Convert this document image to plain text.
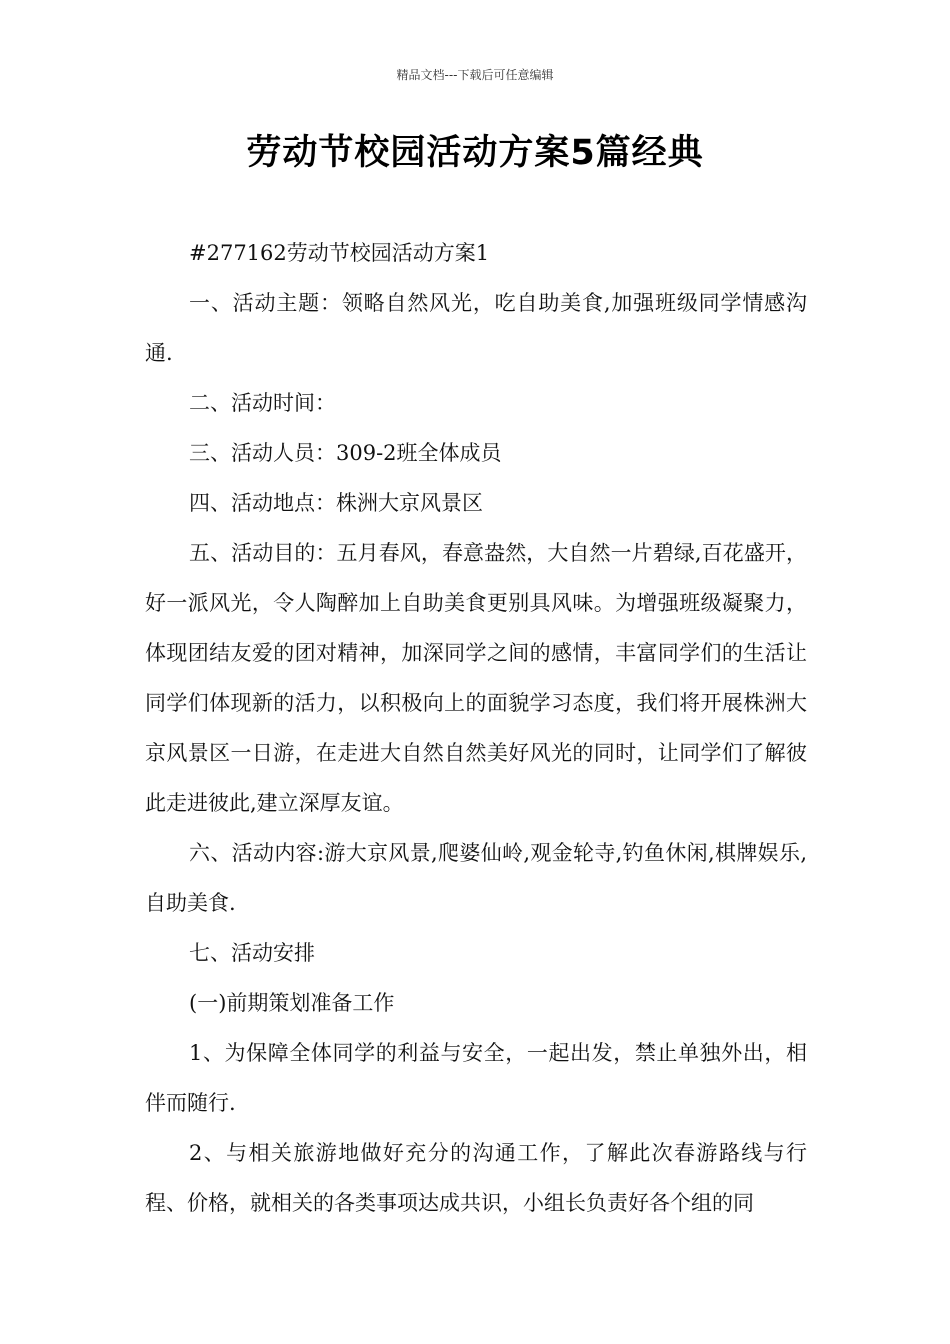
精品文档---下载后可任意编辑
劳动节校园活动方案5篇经典

#277162劳动节校园活动方案1

一、活动主题：领略自然风光，吃自助美食,加强班级同学情感沟通.

二、活动时间：

三、活动人员：309-2班全体成员

四、活动地点：株洲大京风景区

五、活动目的：五月春风，春意盎然，大自然一片碧绿,百花盛开，好一派风光，令人陶醉加上自助美食更别具风味。为增强班级凝聚力，体现团结友爱的团对精神，加深同学之间的感情，丰富同学们的生活让同学们体现新的活力，以积极向上的面貌学习态度，我们将开展株洲大京风景区一日游，在走进大自然自然美好风光的同时，让同学们了解彼此走进彼此,建立深厚友谊。

六、活动内容:游大京风景,爬婆仙岭,观金轮寺,钓鱼休闲,棋牌娱乐,自助美食.

七、活动安排

(一)前期策划准备工作

1、为保障全体同学的利益与安全，一起出发，禁止单独外出，相伴而随行.

2、与相关旅游地做好充分的沟通工作，了解此次春游路线与行程、价格，就相关的各类事项达成共识，小组长负责好各个组的同
